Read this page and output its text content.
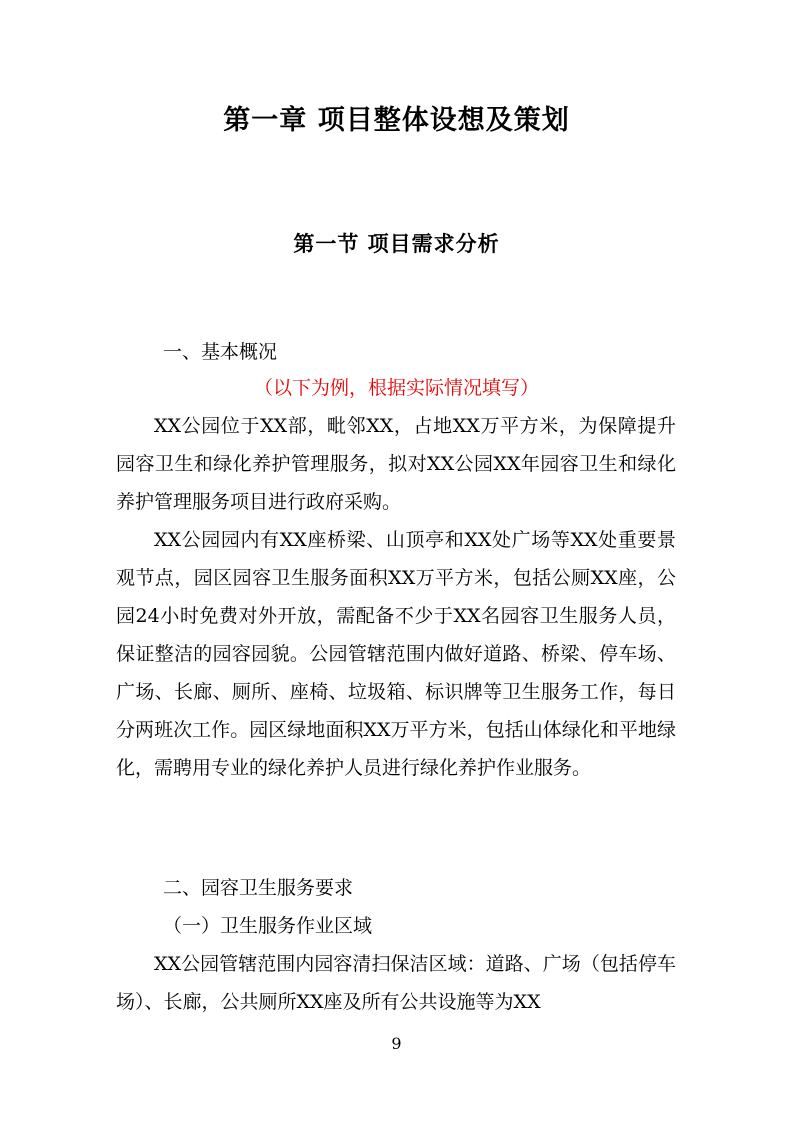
第一章 项目整体设想及策划
第一节 项目需求分析
一、基本概况
（以下为例，根据实际情况填写）

XX公园位于XX部，毗邻XX，占地XX万平方米，为保障提升园容卫生和绿化养护管理服务，拟对XX公园XX年园容卫生和绿化养护管理服务项目进行政府采购。

XX公园园内有XX座桥梁、山顶亭和XX处广场等XX处重要景观节点，园区园容卫生服务面积XX万平方米，包括公厕XX座，公园24小时免费对外开放，需配备不少于XX名园容卫生服务人员，保证整洁的园容园貌。公园管辖范围内做好道路、桥梁、停车场、广场、长廊、厕所、座椅、垃圾箱、标识牌等卫生服务工作，每日分两班次工作。园区绿地面积XX万平方米，包括山体绿化和平地绿化，需聘用专业的绿化养护人员进行绿化养护作业服务。

二、园容卫生服务要求
（一）卫生服务作业区域

XX公园管辖范围内园容清扫保洁区域：道路、广场（包括停车场）、长廊，公共厕所XX座及所有公共设施等为XX

9
